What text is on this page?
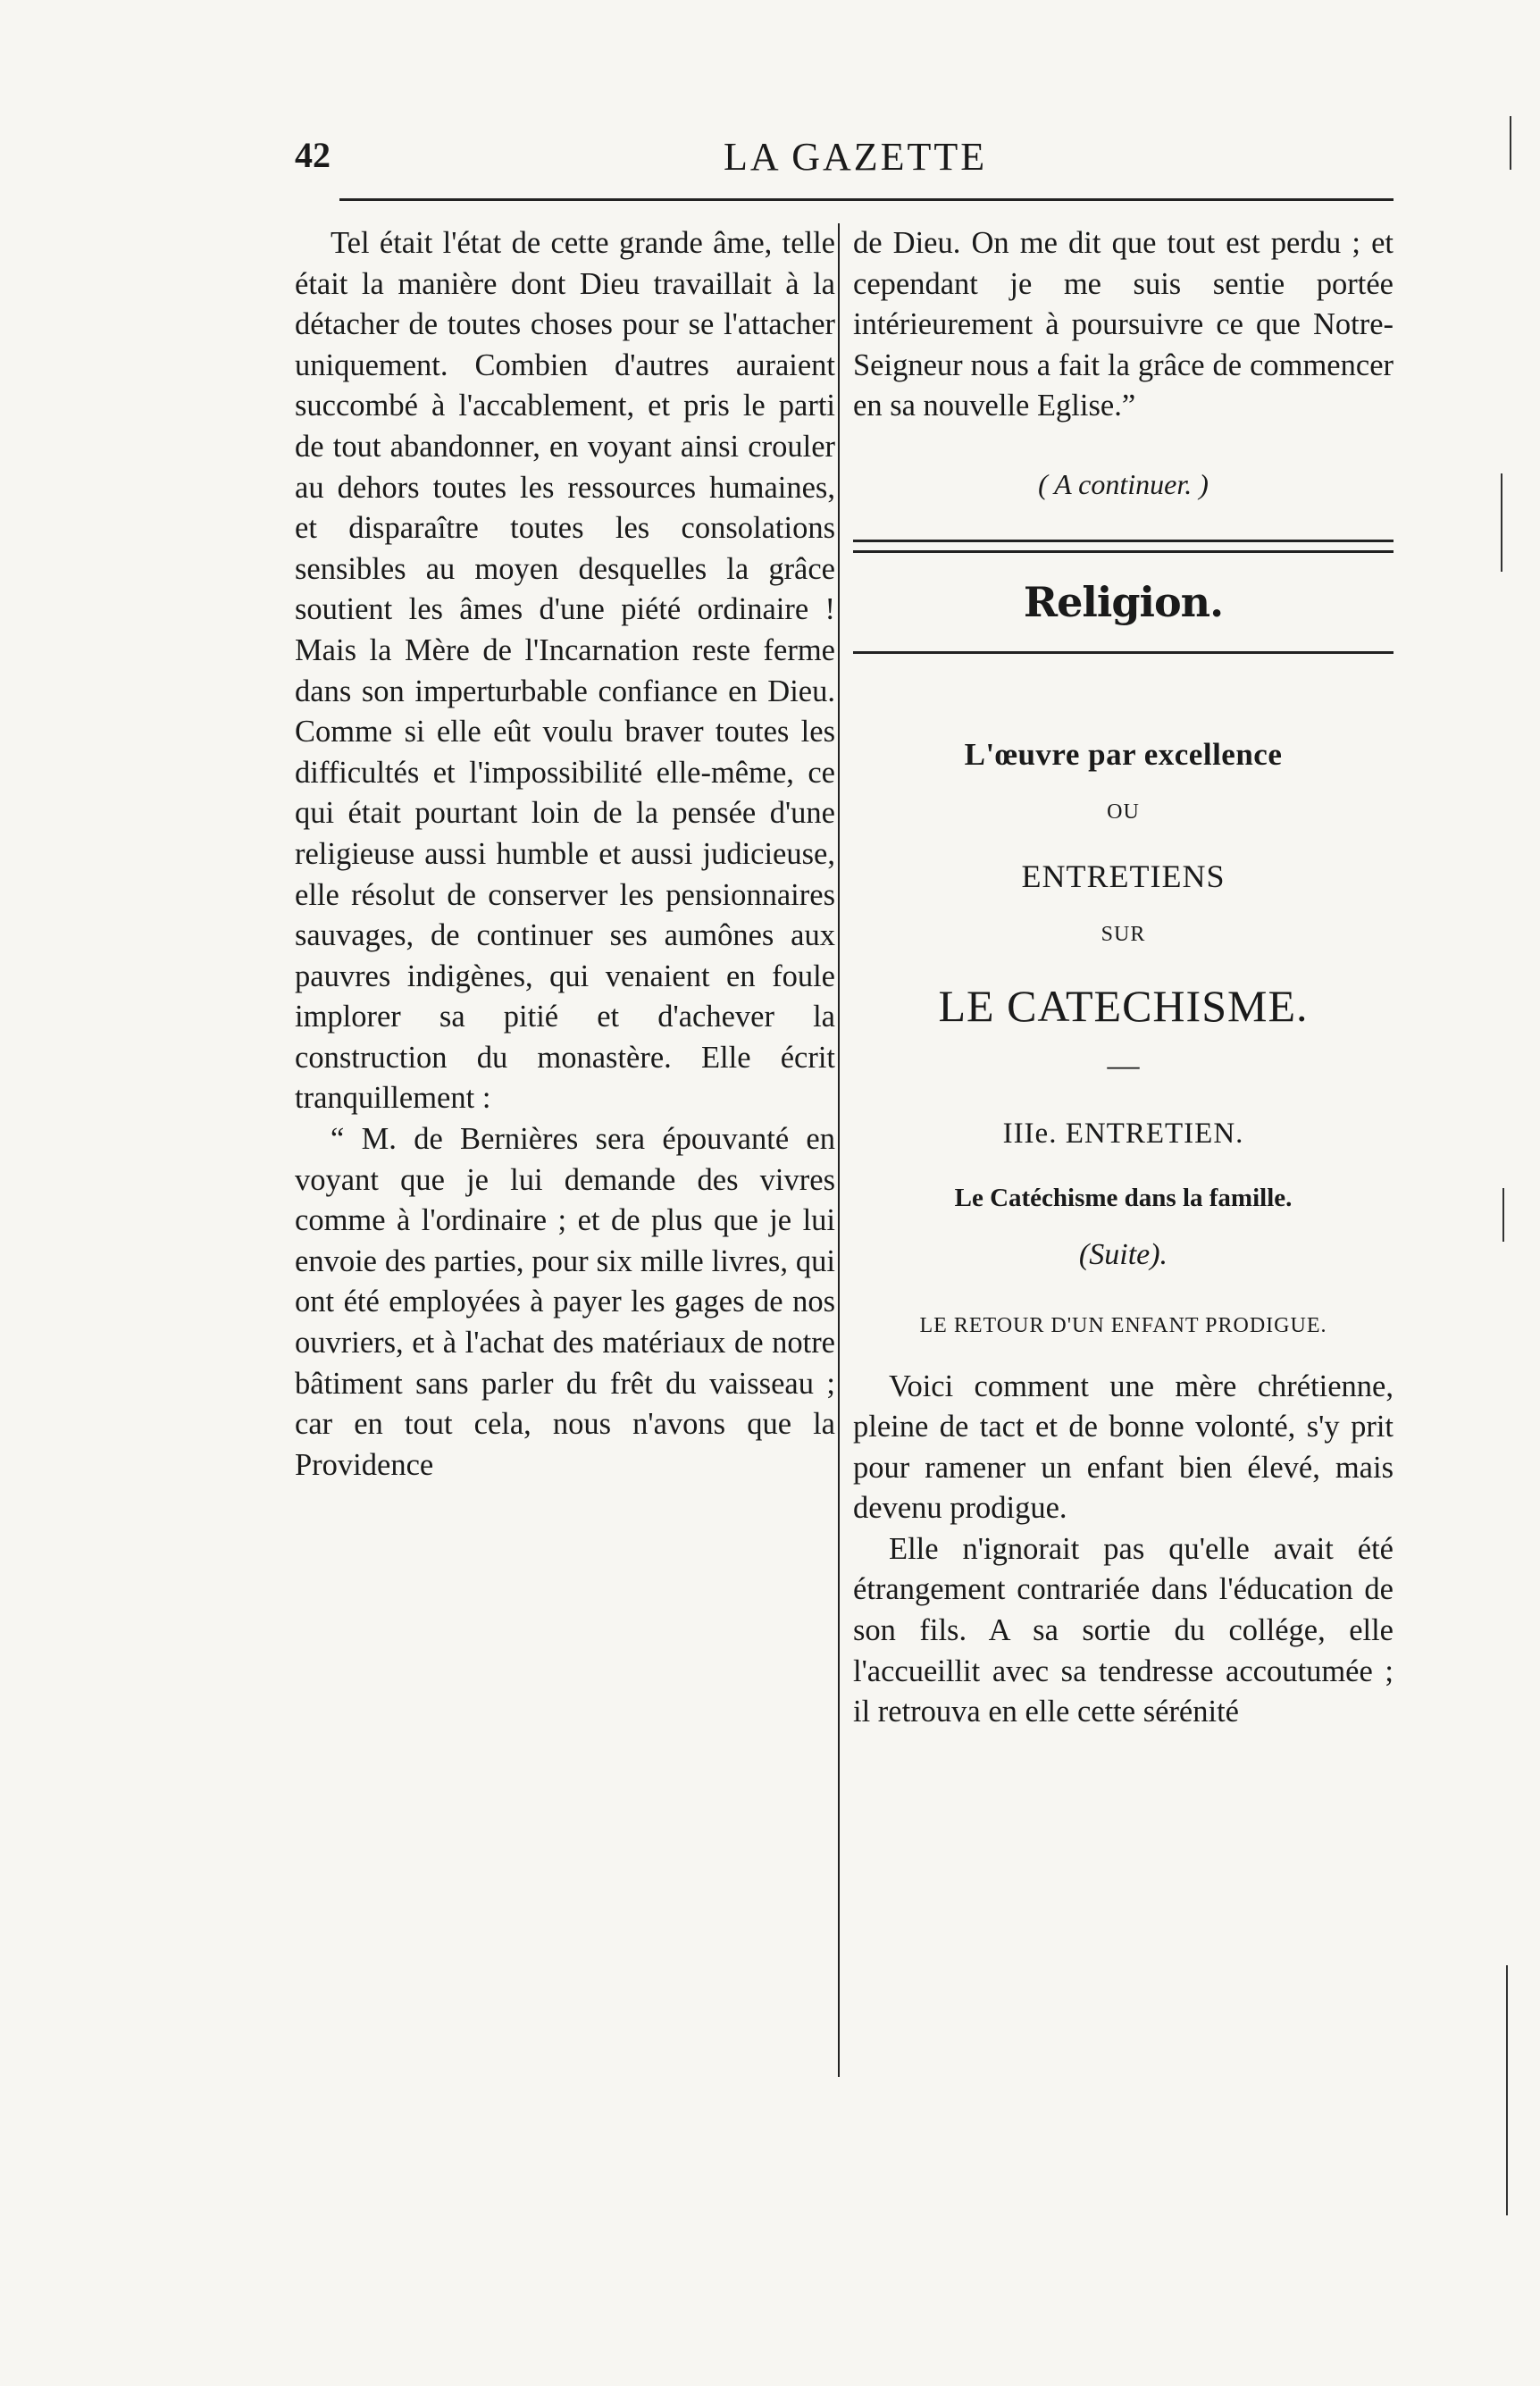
42	LA GAZETTE

Tel était l'état de cette grande âme, telle était la manière dont Dieu travaillait à la détacher de toutes choses pour se l'attacher uniquement. Combien d'autres auraient succombé à l'accablement, et pris le parti de tout abandonner, en voyant ainsi crouler au dehors toutes les ressources humaines, et disparaître toutes les consolations sensibles au moyen desquelles la grâce soutient les âmes d'une piété ordinaire ! Mais la Mère de l'Incarnation reste ferme dans son imperturbable confiance en Dieu. Comme si elle eût voulu braver toutes les difficultés et l'impossibilité elle-même, ce qui était pourtant loin de la pensée d'une religieuse aussi humble et aussi judicieuse, elle résolut de conserver les pensionnaires sauvages, de continuer ses aumônes aux pauvres indigènes, qui venaient en foule implorer sa pitié et d'achever la construction du monastère. Elle écrit tranquillement :

“ M. de Bernières sera épouvanté en voyant que je lui demande des vivres comme à l'ordinaire ; et de plus que je lui envoie des parties, pour six mille livres, qui ont été employées à payer les gages de nos ouvriers, et à l'achat des matériaux de notre bâtiment sans parler du frêt du vaisseau ; car en tout cela, nous n'avons que la Providence

de Dieu. On me dit que tout est perdu ; et cependant je me suis sentie portée intérieurement à poursuivre ce que Notre-Seigneur nous a fait la grâce de commencer en sa nouvelle Eglise.”

( A continuer. )
Religion.
L'œuvre par excellence
OU
ENTRETIENS
SUR
LE CATECHISME.
—
IIIe. ENTRETIEN.
Le Catéchisme dans la famille.
(Suite).
LE RETOUR D'UN ENFANT PRODIGUE.

Voici comment une mère chrétienne, pleine de tact et de bonne volonté, s'y prit pour ramener un enfant bien élevé, mais devenu prodigue.

Elle n'ignorait pas qu'elle avait été étrangement contrariée dans l'éducation de son fils. A sa sortie du collége, elle l'accueillit avec sa tendresse accoutumée ; il retrouva en elle cette sérénité
